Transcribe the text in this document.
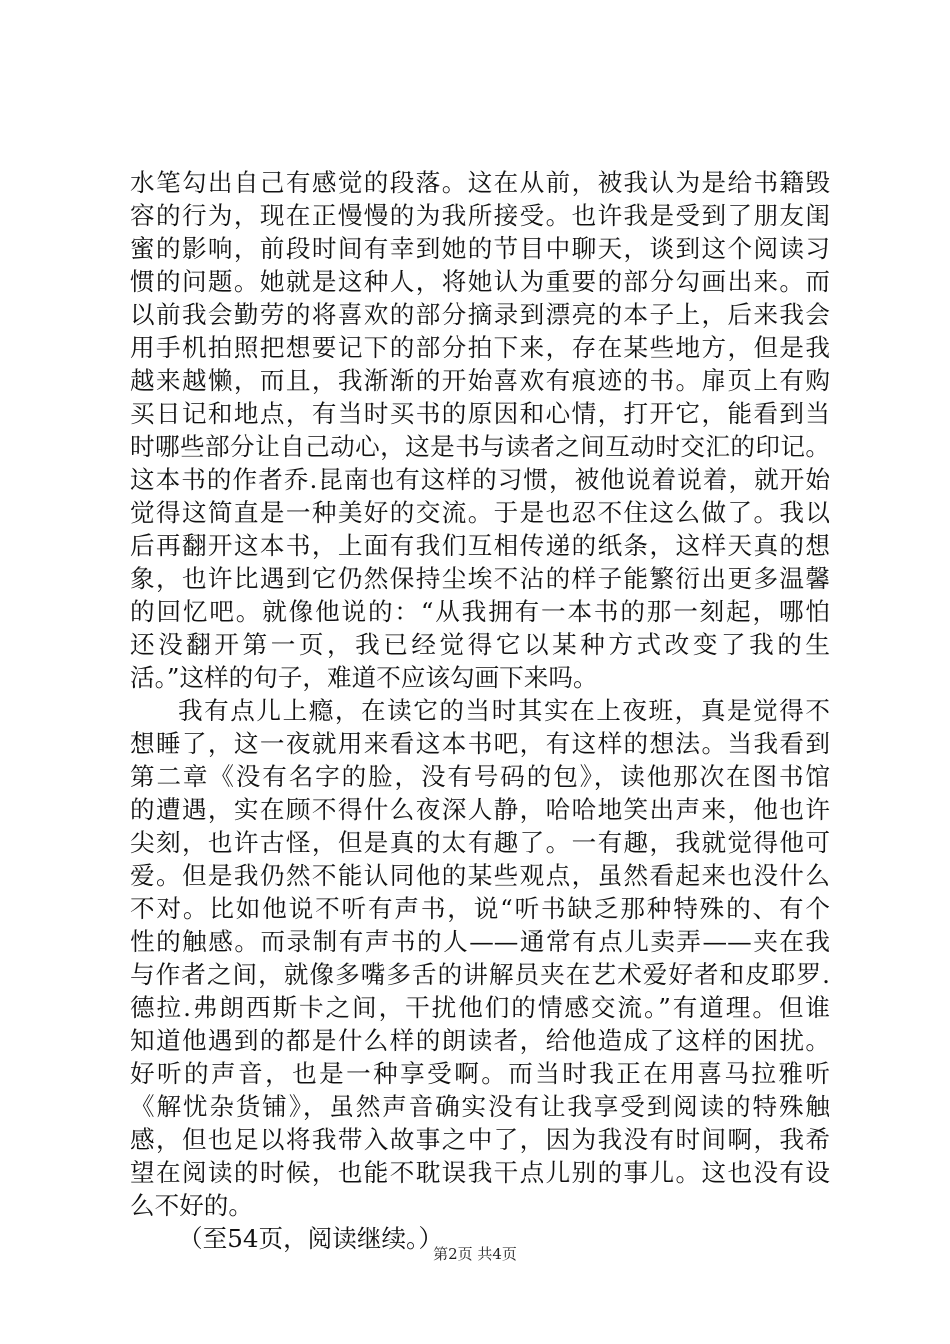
水笔勾出自己有感觉的段落。这在从前，被我认为是给书籍毁
容的行为，现在正慢慢的为我所接受。也许我是受到了朋友闺
蜜的影响，前段时间有幸到她的节目中聊天，谈到这个阅读习
惯的问题。她就是这种人，将她认为重要的部分勾画出来。而
以前我会勤劳的将喜欢的部分摘录到漂亮的本子上，后来我会
用手机拍照把想要记下的部分拍下来，存在某些地方，但是我
越来越懒，而且，我渐渐的开始喜欢有痕迹的书。扉页上有购
买日记和地点，有当时买书的原因和心情，打开它，能看到当
时哪些部分让自己动心，这是书与读者之间互动时交汇的印记。
这本书的作者乔.昆南也有这样的习惯，被他说着说着，就开始
觉得这简直是一种美好的交流。于是也忍不住这么做了。我以
后再翻开这本书，上面有我们互相传递的纸条，这样天真的想
象，也许比遇到它仍然保持尘埃不沾的样子能繁衍出更多温馨
的回忆吧。就像他说的：“从我拥有一本书的那一刻起，哪怕
还没翻开第一页，我已经觉得它以某种方式改变了我的生
活。”这样的句子，难道不应该勾画下来吗。
我有点儿上瘾，在读它的当时其实在上夜班，真是觉得不
想睡了，这一夜就用来看这本书吧，有这样的想法。当我看到
第二章《没有名字的脸，没有号码的包》，读他那次在图书馆
的遭遇，实在顾不得什么夜深人静，哈哈地笑出声来，他也许
尖刻，也许古怪，但是真的太有趣了。一有趣，我就觉得他可
爱。但是我仍然不能认同他的某些观点，虽然看起来也没什么
不对。比如他说不听有声书，说“听书缺乏那种特殊的、有个
性的触感。而录制有声书的人——通常有点儿卖弄——夹在我
与作者之间，就像多嘴多舌的讲解员夹在艺术爱好者和皮耶罗.
德拉.弗朗西斯卡之间，干扰他们的情感交流。”有道理。但谁
知道他遇到的都是什么样的朗读者，给他造成了这样的困扰。
好听的声音，也是一种享受啊。而当时我正在用喜马拉雅听
《解忧杂货铺》，虽然声音确实没有让我享受到阅读的特殊触
感，但也足以将我带入故事之中了，因为我没有时间啊，我希
望在阅读的时候，也能不耽误我干点儿别的事儿。这也没有设
么不好的。
（至54页，阅读继续。）
第2页 共4页
